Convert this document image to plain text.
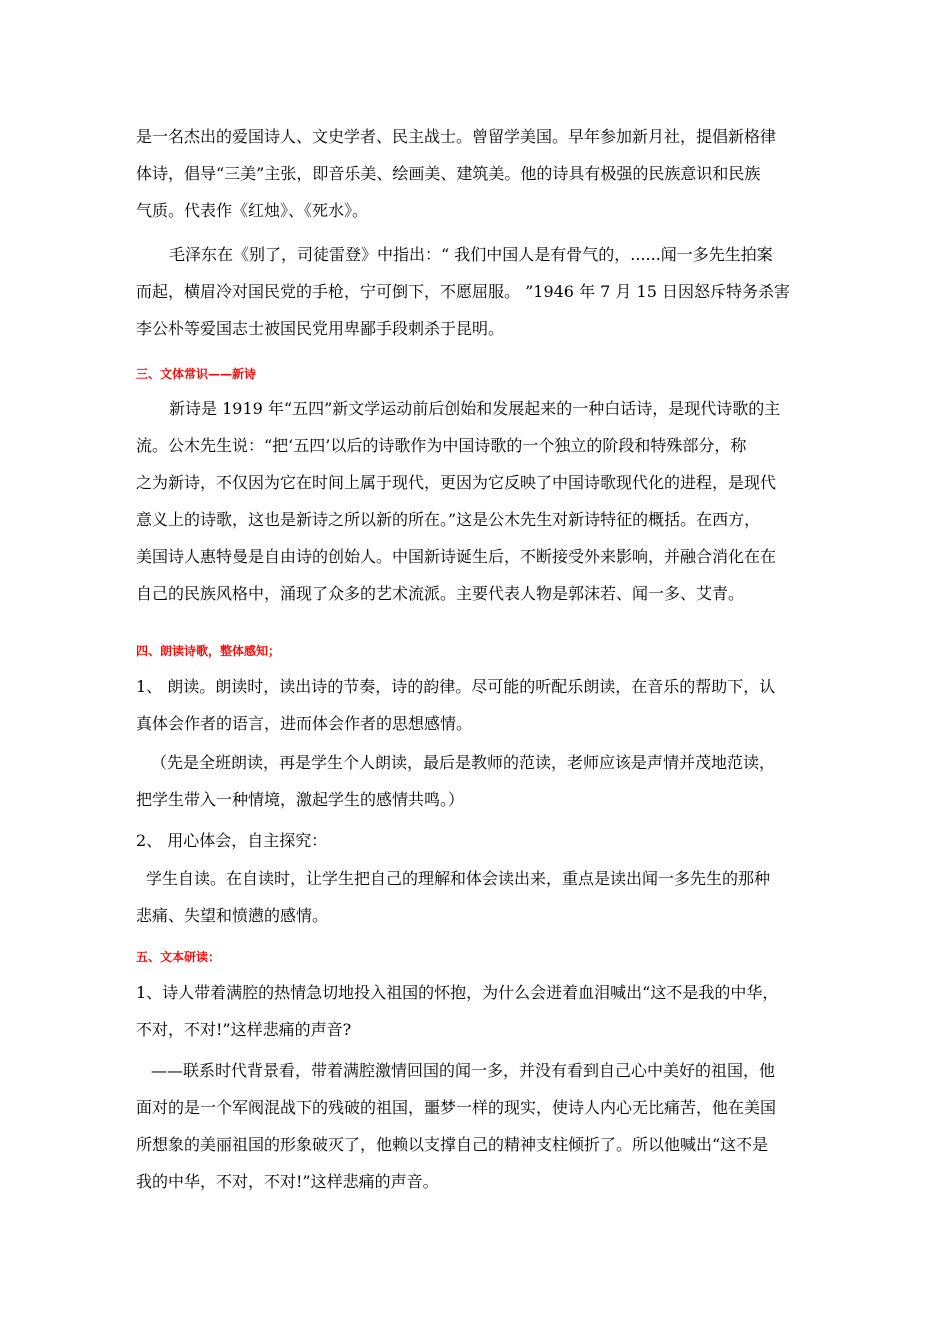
是一名杰出的爱国诗人、文史学者、民主战士。曾留学美国。早年参加新月社，提倡新格律
体诗，倡导“三美”主张，即音乐美、绘画美、建筑美。他的诗具有极强的民族意识和民族
气质。代表作《红烛》、《死水》。
毛泽东在《别了，司徒雷登》中指出：“ 我们中国人是有骨气的，......闻一多先生拍案
而起，横眉冷对国民党的手枪，宁可倒下，不愿屈服。 ”1946 年 7 月 15 日因怒斥特务杀害
李公朴等爱国志士被国民党用卑鄙手段刺杀于昆明。
三、文体常识——新诗
新诗是 1919 年“五四”新文学运动前后创始和发展起来的一种白话诗，是现代诗歌的主
流。公木先生说：“把‘五四’以后的诗歌作为中国诗歌的一个独立的阶段和特殊部分，称
之为新诗，不仅因为它在时间上属于现代，更因为它反映了中国诗歌现代化的进程，是现代
意义上的诗歌，这也是新诗之所以新的所在。”这是公木先生对新诗特征的概括。在西方，
美国诗人惠特曼是自由诗的创始人。中国新诗诞生后，不断接受外来影响，并融合消化在在
自己的民族风格中，涌现了众多的艺术流派。主要代表人物是郭沫若、闻一多、艾青。
四、朗读诗歌，整体感知；
1、 朗读。朗读时，读出诗的节奏，诗的韵律。尽可能的听配乐朗读，在音乐的帮助下，认
真体会作者的语言，进而体会作者的思想感情。
（先是全班朗读，再是学生个人朗读，最后是教师的范读，老师应该是声情并茂地范读，
把学生带入一种情境，激起学生的感情共鸣。）
2、 用心体会，自主探究：
学生自读。在自读时，让学生把自己的理解和体会读出来，重点是读出闻一多先生的那种
悲痛、失望和愤懑的感情。
五、文本研读：
1、诗人带着满腔的热情急切地投入祖国的怀抱，为什么会迸着血泪喊出“这不是我的中华，
不对，不对!”这样悲痛的声音?
——联系时代背景看，带着满腔激情回国的闻一多，并没有看到自己心中美好的祖国，他
面对的是一个军阀混战下的残破的祖国，噩梦一样的现实，使诗人内心无比痛苦，他在美国
所想象的美丽祖国的形象破灭了，他赖以支撑自己的精神支柱倾折了。所以他喊出“这不是
我的中华，不对，不对!”这样悲痛的声音。
